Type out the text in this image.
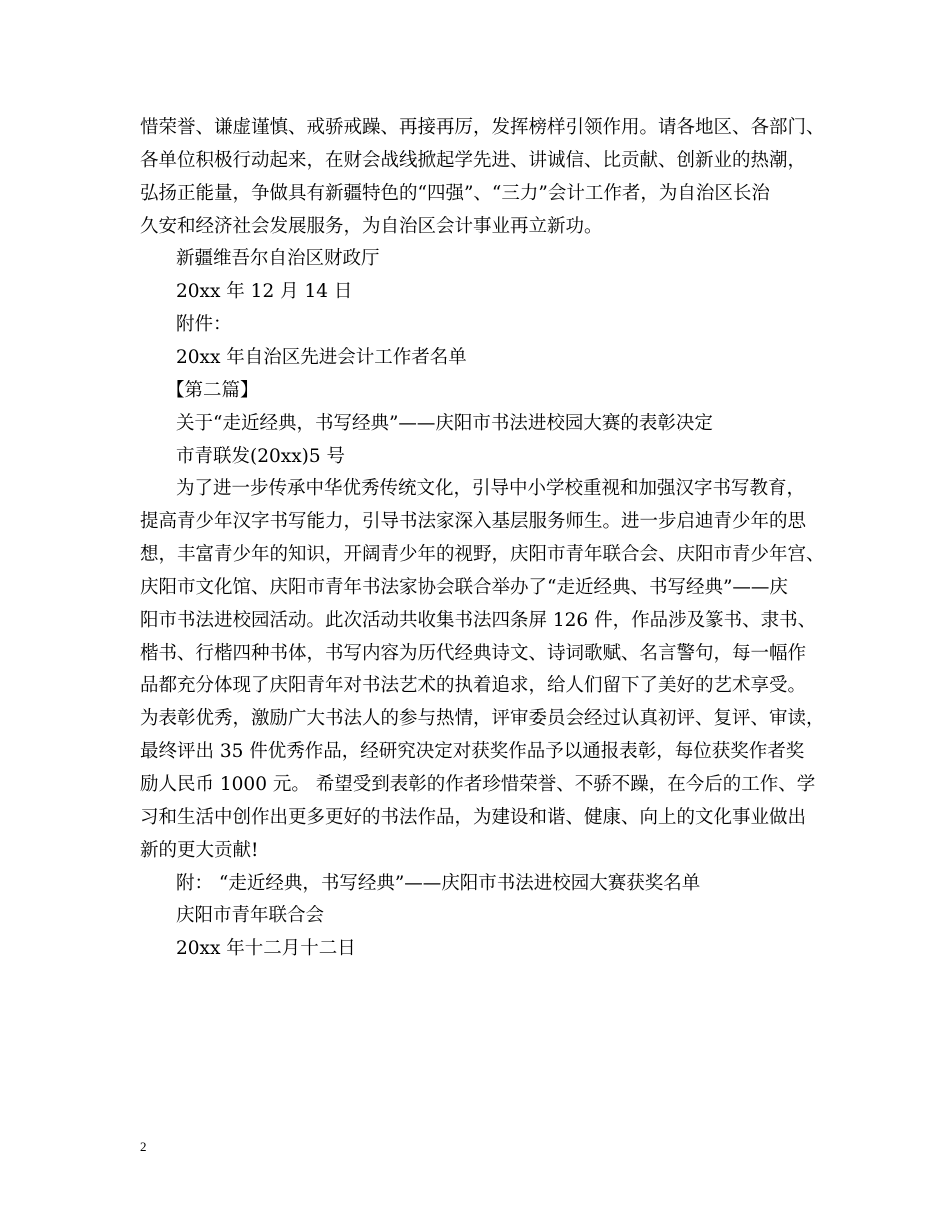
惜荣誉、谦虚谨慎、戒骄戒躁、再接再厉，发挥榜样引领作用。请各地区、各部门、
各单位积极行动起来，在财会战线掀起学先进、讲诚信、比贡献、创新业的热潮，
弘扬正能量，争做具有新疆特色的“四强”、“三力”会计工作者，为自治区长治
久安和经济社会发展服务，为自治区会计事业再立新功。
新疆维吾尔自治区财政厅
20xx 年 12 月 14 日
附件：
20xx 年自治区先进会计工作者名单
【第二篇】
关于“走近经典，书写经典”——庆阳市书法进校园大赛的表彰决定
市青联发(20xx)5 号
为了进一步传承中华优秀传统文化，引导中小学校重视和加强汉字书写教育，
提高青少年汉字书写能力，引导书法家深入基层服务师生。进一步启迪青少年的思
想，丰富青少年的知识，开阔青少年的视野，庆阳市青年联合会、庆阳市青少年宫、
庆阳市文化馆、庆阳市青年书法家协会联合举办了“走近经典、书写经典”——庆
阳市书法进校园活动。此次活动共收集书法四条屏 126 件，作品涉及篆书、隶书、
楷书、行楷四种书体，书写内容为历代经典诗文、诗词歌赋、名言警句，每一幅作
品都充分体现了庆阳青年对书法艺术的执着追求，给人们留下了美好的艺术享受。
为表彰优秀，激励广大书法人的参与热情，评审委员会经过认真初评、复评、审读，
最终评出 35 件优秀作品，经研究决定对获奖作品予以通报表彰，每位获奖作者奖
励人民币 1000 元。 希望受到表彰的作者珍惜荣誉、不骄不躁，在今后的工作、学
习和生活中创作出更多更好的书法作品，为建设和谐、健康、向上的文化事业做出
新的更大贡献!
附： “走近经典，书写经典”——庆阳市书法进校园大赛获奖名单
庆阳市青年联合会
20xx 年十二月十二日
2
